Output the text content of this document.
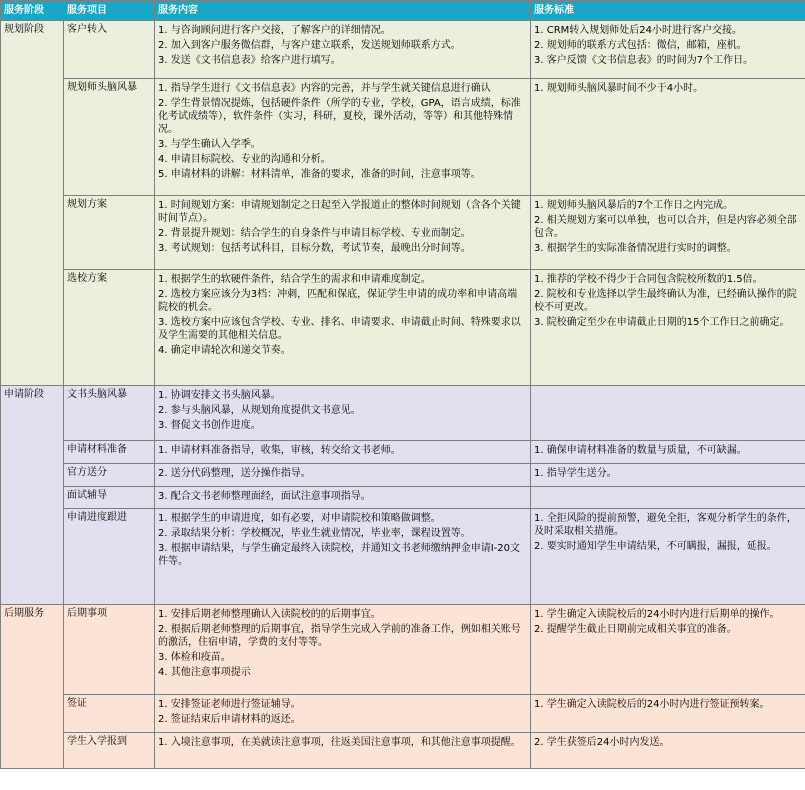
服务阶段	服务项目	服务内容	服务标准
规划阶段	客户转入	1. 与咨询顾问进行客户交接，了解客户的详细情况。
2. 加入到客户服务微信群，与客户建立联系，发送规划师联系方式。
3. 发送《文书信息表》给客户进行填写。	1. CRM转入规划师处后24小时进行客户交接。
2. 规划师的联系方式包括：微信，邮箱，座机。
3. 客户反馈《文书信息表》的时间为7个工作日。

	规划师头脑风暴	1. 指导学生进行《文书信息表》内容的完善，并与学生就关键信息进行确认
2. 学生背景情况提炼，包括硬件条件（所学的专业，学校，GPA，语言成绩，标准化考试成绩等），软件条件（实习，科研，夏校，课外活动，等等）和其他特殊情况。
3. 与学生确认入学季。
4. 申请目标院校、专业的沟通和分析。
5. 申请材料的讲解：材料清单，准备的要求，准备的时间，注意事项等。	1. 规划师头脑风暴时间不少于4小时。

	规划方案	1. 时间规划方案：申请规划制定之日起至入学报道止的整体时间规划（含各个关键时间节点）。
2. 背景提升规划：结合学生的自身条件与申请目标学校、专业而制定。
3. 考试规划：包括考试科目，目标分数，考试节奏，最晚出分时间等。	1. 规划师头脑风暴后的7个工作日之内完成。
2. 相关规划方案可以单独，也可以合并，但是内容必须全部包含。
3. 根据学生的实际准备情况进行实时的调整。

	选校方案	1. 根据学生的软硬件条件，结合学生的需求和申请难度制定。
2. 选校方案应该分为3档：冲刺，匹配和保底，保证学生申请的成功率和申请高端院校的机会。
3. 选校方案中应该包含学校、专业、排名、申请要求、申请截止时间、特殊要求以及学生需要的其他相关信息。
4. 确定申请轮次和递交节奏。	1. 推荐的学校不得少于合同包含院校所数的1.5倍。
2. 院校和专业选择以学生最终确认为准，已经确认操作的院校不可更改。
3. 院校确定至少在申请截止日期的15个工作日之前确定。

申请阶段	文书头脑风暴	1. 协调安排文书头脑风暴。
2. 参与头脑风暴，从规划角度提供文书意见。
3. 督促文书创作进度。	

	申请材料准备	1. 申请材料准备指导，收集，审核，转交给文书老师。	1. 确保申请材料准备的数量与质量，不可缺漏。

	官方送分	2. 送分代码整理，送分操作指导。	1. 指导学生送分。

	面试辅导	3. 配合文书老师整理面经，面试注意事项指导。	

	申请进度跟进	1. 根据学生的申请进度，如有必要，对申请院校和策略做调整。
2. 录取结果分析：学校概况，毕业生就业情况，毕业率，课程设置等。
3. 根据申请结果，与学生确定最终入读院校，并通知文书老师缴纳押金申请I-20文件等。	1. 全拒风险的提前预警，避免全拒，客观分析学生的条件，及时采取相关措施。
2. 要实时通知学生申请结果，不可瞒报，漏报，延报。

后期服务	后期事项	1. 安排后期老师整理确认入读院校的的后期事宜。
2. 根据后期老师整理的后期事宜，指导学生完成入学前的准备工作，例如相关账号的激活，住宿申请，学费的支付等等。
3. 体检和疫苗。
4. 其他注意事项提示	1. 学生确定入读院校后的24小时内进行后期单的操作。
2. 提醒学生截止日期前完成相关事宜的准备。

	签证	1. 安排签证老师进行签证辅导。
2. 签证结束后申请材料的返还。	1. 学生确定入读院校后的24小时内进行签证预转案。

	学生入学报到	1. 入境注意事项，在美就读注意事项，往返美国注意事项，和其他注意事项提醒。	2. 学生获签后24小时内发送。
